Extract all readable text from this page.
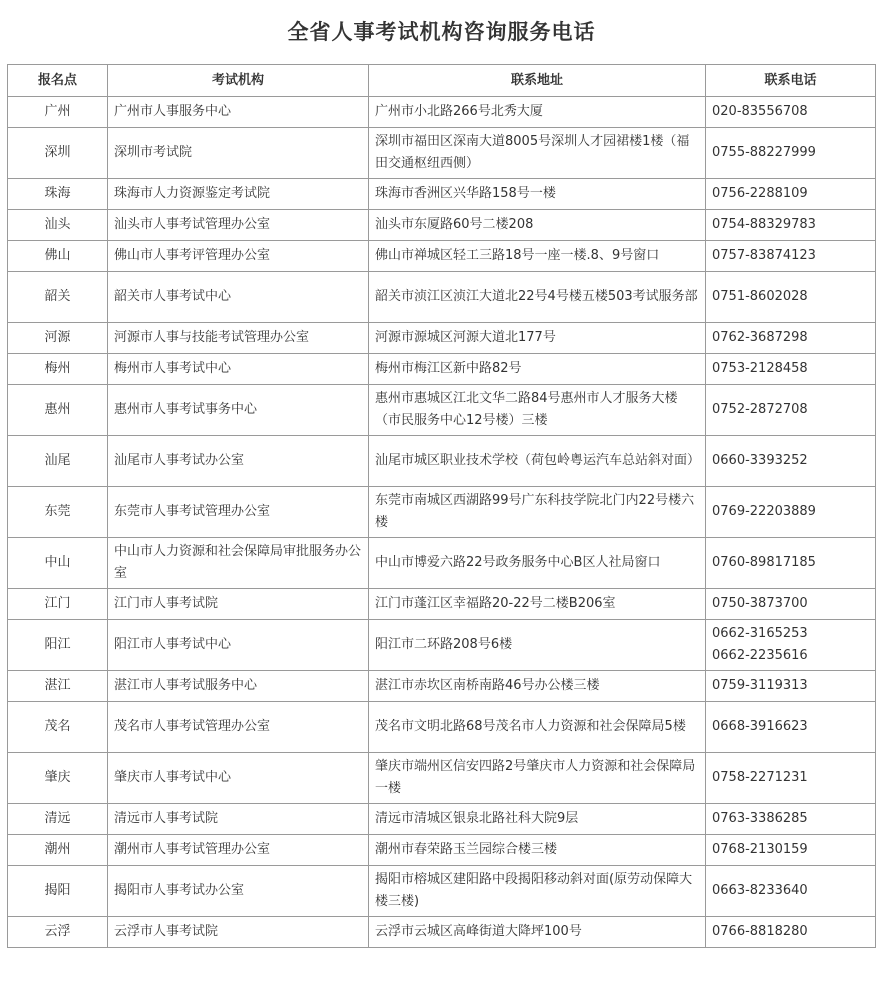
全省人事考试机构咨询服务电话
报名点	考试机构	联系地址	联系电话
广州	广州市人事服务中心	广州市小北路266号北秀大厦	020-83556708

深圳	深圳市考试院	深圳市福田区深南大道8005号深圳人才园裙楼1楼（福田交通枢纽西侧）	0755-88227999

珠海	珠海市人力资源鉴定考试院	珠海市香洲区兴华路158号一楼	0756-2288109

汕头	汕头市人事考试管理办公室	汕头市东厦路60号二楼208	0754-88329783

佛山	佛山市人事考评管理办公室	佛山市禅城区轻工三路18号一座一楼.8、9号窗口	0757-83874123

韶关	韶关市人事考试中心	韶关市浈江区浈江大道北22号4号楼五楼503考试服务部	0751-8602028

河源	河源市人事与技能考试管理办公室	河源市源城区河源大道北177号	0762-3687298

梅州	梅州市人事考试中心	梅州市梅江区新中路82号	0753-2128458

惠州	惠州市人事考试事务中心	惠州市惠城区江北文华二路84号惠州市人才服务大楼（市民服务中心12号楼）三楼	0752-2872708

汕尾	汕尾市人事考试办公室	汕尾市城区职业技术学校（荷包岭粤运汽车总站斜对面）	0660-3393252

东莞	东莞市人事考试管理办公室	东莞市南城区西湖路99号广东科技学院北门内22号楼六楼	0769-22203889

中山	中山市人力资源和社会保障局审批服务办公室	中山市博爱六路22号政务服务中心B区人社局窗口	0760-89817185

江门	江门市人事考试院	江门市蓬江区幸福路20-22号二楼B206室	0750-3873700

阳江	阳江市人事考试中心	阳江市二环路208号6楼	0662-3165253
0662-2235616

湛江	湛江市人事考试服务中心	湛江市赤坎区南桥南路46号办公楼三楼	0759-3119313

茂名	茂名市人事考试管理办公室	茂名市文明北路68号茂名市人力资源和社会保障局5楼	0668-3916623

肇庆	肇庆市人事考试中心	肇庆市端州区信安四路2号肇庆市人力资源和社会保障局一楼	0758-2271231

清远	清远市人事考试院	清远市清城区银泉北路社科大院9层	0763-3386285

潮州	潮州市人事考试管理办公室	潮州市春荣路玉兰园综合楼三楼	0768-2130159

揭阳	揭阳市人事考试办公室	揭阳市榕城区建阳路中段揭阳移动斜对面(原劳动保障大楼三楼)	0663-8233640

云浮	云浮市人事考试院	云浮市云城区高峰街道大降坪100号	0766-8818280
